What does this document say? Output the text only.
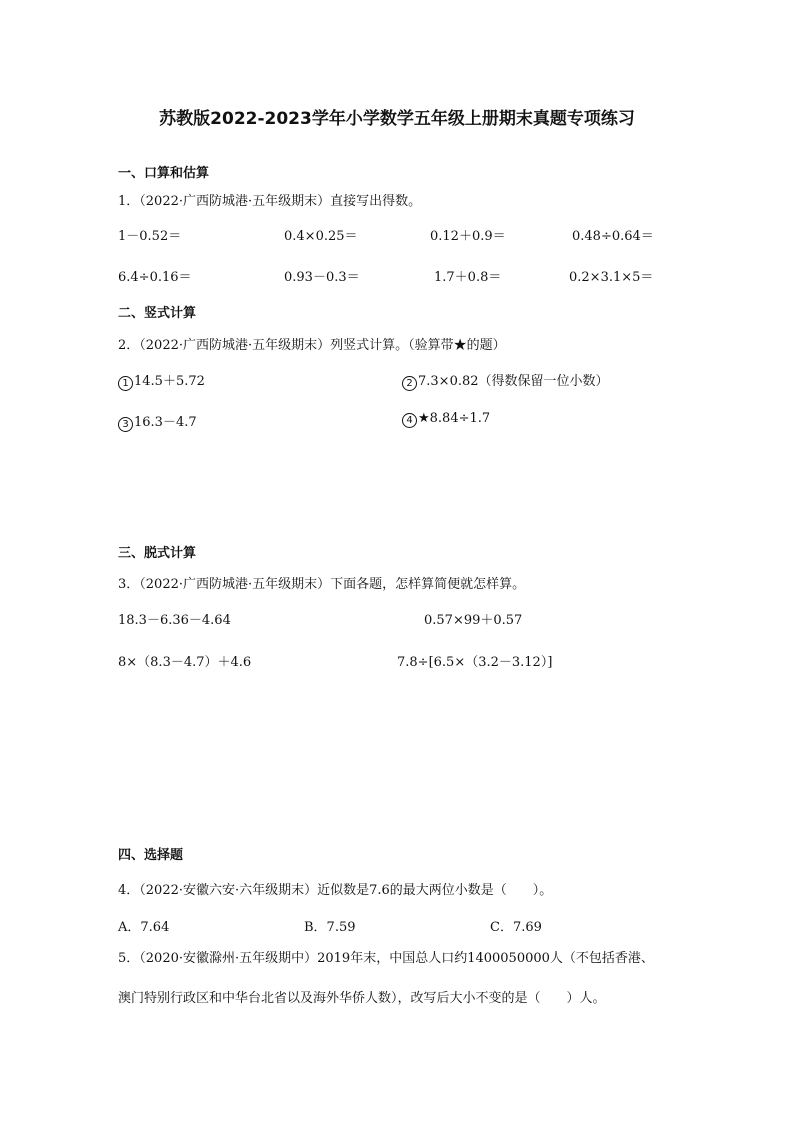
苏教版2022-2023学年小学数学五年级上册期末真题专项练习
一、口算和估算
1．（2022·广西防城港·五年级期末）直接写出得数。
1－0.52＝	0.4×0.25＝	0.12＋0.9＝	0.48÷0.64＝
6.4÷0.16＝	0.93－0.3＝	1.7＋0.8＝	0.2×3.1×5＝
二、竖式计算
2．（2022·广西防城港·五年级期末）列竖式计算。（验算带★的题）
1 14.5＋5.72	2 7.3×0.82（得数保留一位小数）
3 16.3－4.7	4 ★8.84÷1.7
三、脱式计算
3．（2022·广西防城港·五年级期末）下面各题，怎样算简便就怎样算。
18.3－6.36－4.64	0.57×99＋0.57
8×（8.3－4.7）＋4.6	7.8÷[6.5×（3.2－3.12）]
四、选择题
4．（2022·安徽六安·六年级期末）近似数是7.6的最大两位小数是（　　）。
A．7.64	B．7.59	C．7.69
5．（2020·安徽滁州·五年级期中）2019年末，中国总人口约1400050000人（不包括香港、
澳门特别行政区和中华台北省以及海外华侨人数），改写后大小不变的是（　　）人。
